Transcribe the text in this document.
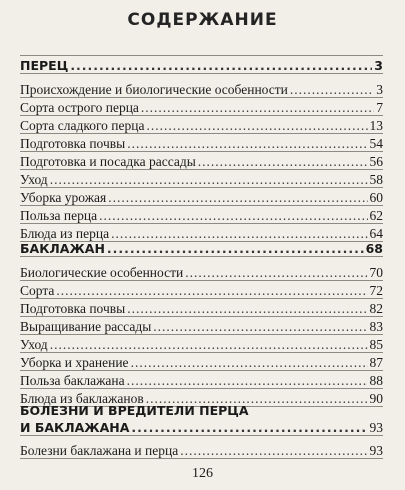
СОДЕРЖАНИЕ
ПЕРЕЦ .....	3
Происхождение и биологические особенности .....	3
Сорта острого перца .....	7
Сорта сладкого перца .....	13
Подготовка почвы .....	54
Подготовка и посадка рассады .....	56
Уход .....	58
Уборка урожая .....	60
Польза перца .....	62
Блюда из перца .....	64
БАКЛАЖАН .....	68
Биологические особенности .....	70
Сорта .....	72
Подготовка почвы .....	82
Выращивание рассады .....	83
Уход .....	85
Уборка и хранение .....	87
Польза баклажана .....	88
Блюда из баклажанов .....	90
БОЛЕЗНИ И ВРЕДИТЕЛИ ПЕРЦА
И БАКЛАЖАНА .....	93
Болезни баклажана и перца .....	93
126
